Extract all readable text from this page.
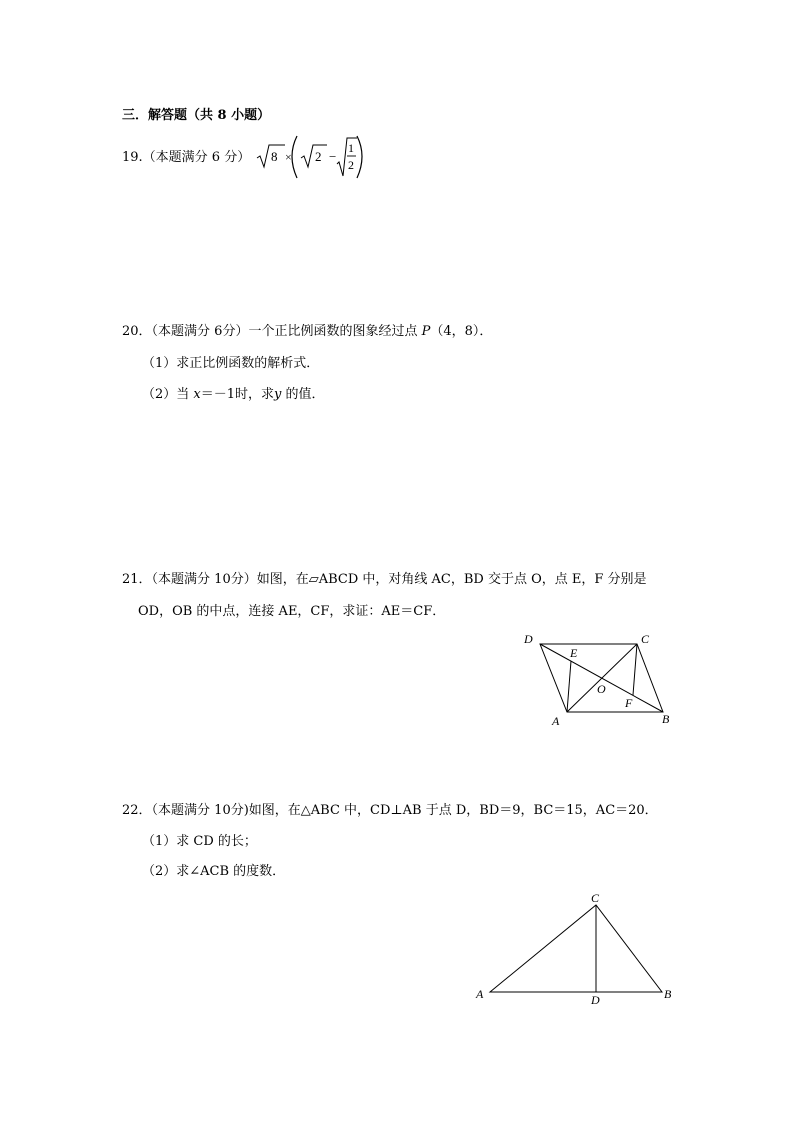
三．解答题（共 8 小题）
19.（本题满分 6 分） 8 × 2 −
1
2
20．（本题满分 6分）一个正比例函数的图象经过点 P（4，8）．
（1）求正比例函数的解析式．
（2）当 x＝－1时，求y 的值．
21．（本题满分 10分）如图，在▱ABCD 中，对角线 AC，BD 交于点 O，点 E，F 分别是
OD，OB 的中点，连接 AE，CF，求证：AE＝CF．
A	B
C
D
E
F
O
22．（本题满分 10分)如图，在△ABC 中，CD⊥AB 于点 D，BD＝9，BC＝15，AC＝20．
（1）求 CD 的长；
（2）求∠ACB 的度数．
A	B
C
D
